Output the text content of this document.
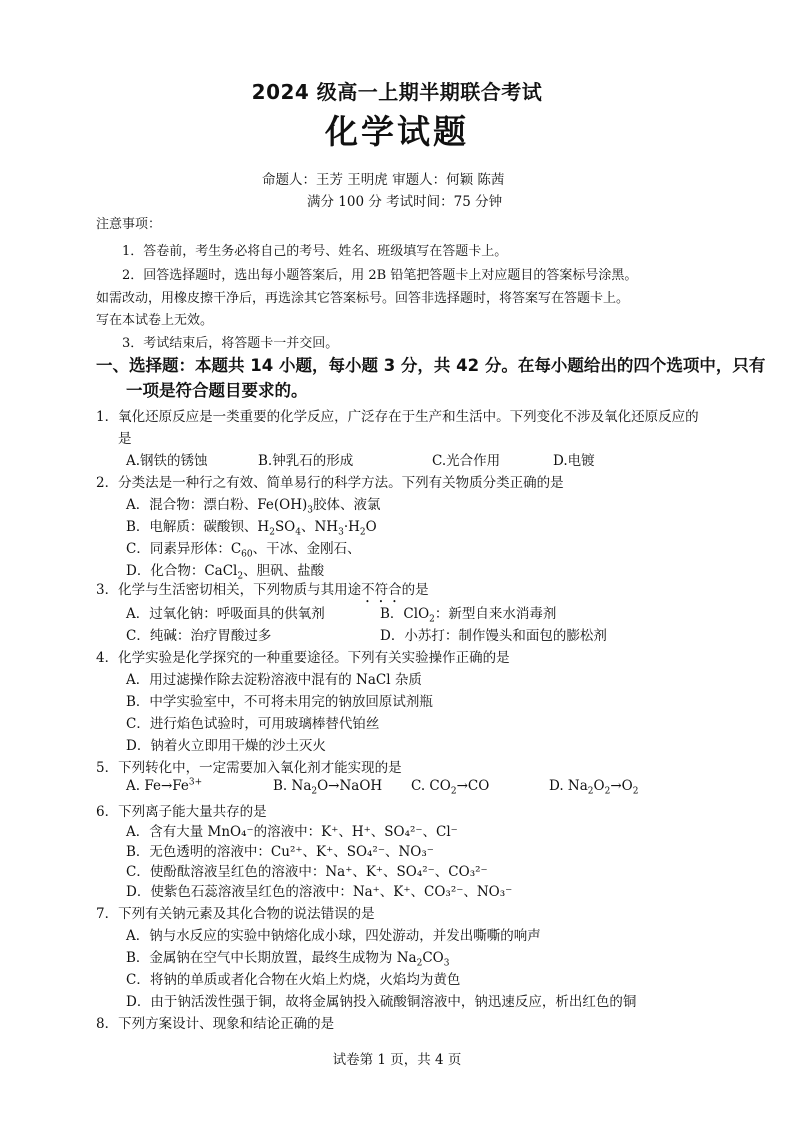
2024 级高一上期半期联合考试
化学试题
命题人：王芳 王明虎 审题人：何颖 陈茜
满分 100 分 考试时间：75 分钟
注意事项：
1．答卷前，考生务必将自己的考号、姓名、班级填写在答题卡上。
2．回答选择题时，选出每小题答案后，用 2B 铅笔把答题卡上对应题目的答案标号涂黑。
如需改动，用橡皮擦干净后，再选涂其它答案标号。回答非选择题时，将答案写在答题卡上。
写在本试卷上无效。
3．考试结束后，将答题卡一并交回。
一、选择题：本题共 14 小题，每小题 3 分，共 42 分。在每小题给出的四个选项中，只有
一项是符合题目要求的。
1．氧化还原反应是一类重要的化学反应，广泛存在于生产和生活中。下列变化不涉及氧化还原反应的
是
A.钢铁的锈蚀	B.钟乳石的形成	C.光合作用	D.电镀
2．分类法是一种行之有效、简单易行的科学方法。下列有关物质分类正确的是
A．混合物：漂白粉、$Fe(OH)_3$胶体、液氯
B．电解质：碳酸钡、$H_2SO_4$、$NH_3\cdot H_2O$
C．同素异形体：$C_{60}$、干冰、金刚石、
D．化合物：CaCl$_2$、胆矾、盐酸
3．化学与生活密切相关，下列物质与其用途不符合的是
A．过氧化钠：呼吸面具的供氧剂	B．ClO$_2$：新型自来水消毒剂
C．纯碱：治疗胃酸过多	D．小苏打：制作馒头和面包的膨松剂
4．化学实验是化学探究的一种重要途径。下列有关实验操作正确的是
A．用过滤操作除去淀粉溶液中混有的 NaCl 杂质
B．中学实验室中，不可将未用完的钠放回原试剂瓶
C．进行焰色试验时，可用玻璃棒替代铂丝
D．钠着火立即用干燥的沙土灭火
5．下列转化中，一定需要加入氧化剂才能实现的是
A. $Fe\to Fe^{3+}$	B. $Na_2O\to NaOH$ C. $CO_2\to CO$	D. $Na_2O_2\to O_2$
6．下列离子能大量共存的是
A．含有大量 MnO₄⁻的溶液中：K⁺、H⁺、SO₄²⁻、Cl⁻
B．无色透明的溶液中：Cu²⁺、K⁺、SO₄²⁻、NO₃⁻
C．使酚酞溶液呈红色的溶液中：Na⁺、K⁺、SO₄²⁻、CO₃²⁻
D．使紫色石蕊溶液呈红色的溶液中：Na⁺、K⁺、CO₃²⁻、NO₃⁻
7．下列有关钠元素及其化合物的说法错误的是
A．钠与水反应的实验中钠熔化成小球，四处游动，并发出嘶嘶的响声
B．金属钠在空气中长期放置，最终生成物为 $Na_2CO_3$
C．将钠的单质或者化合物在火焰上灼烧，火焰均为黄色
D．由于钠活泼性强于铜，故将金属钠投入硫酸铜溶液中，钠迅速反应，析出红色的铜
8．下列方案设计、现象和结论正确的是
试卷第 1 页，共 4 页
